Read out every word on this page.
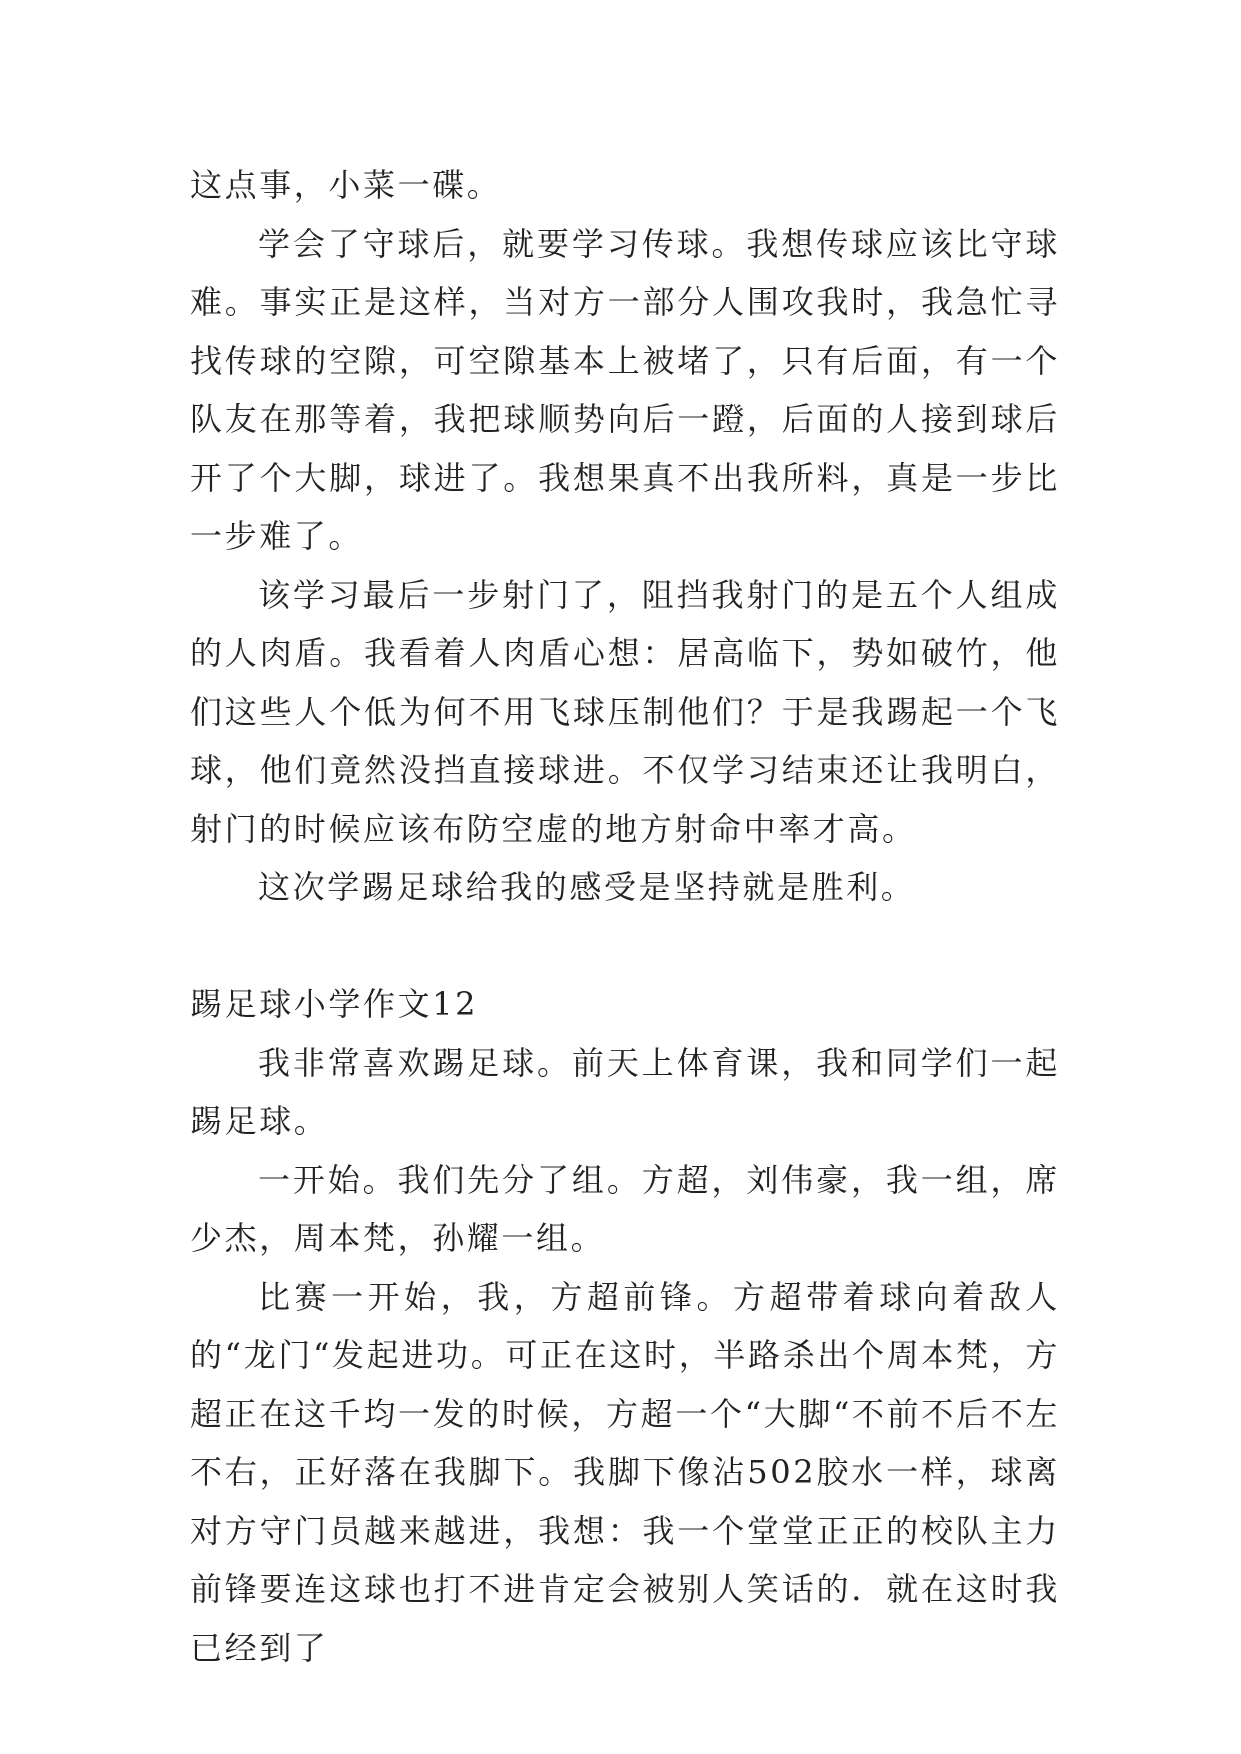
这点事，小菜一碟。

学会了守球后，就要学习传球。我想传球应该比守球难。事实正是这样，当对方一部分人围攻我时，我急忙寻找传球的空隙，可空隙基本上被堵了，只有后面，有一个队友在那等着，我把球顺势向后一蹬，后面的人接到球后开了个大脚，球进了。我想果真不出我所料，真是一步比一步难了。

该学习最后一步射门了，阻挡我射门的是五个人组成的人肉盾。我看着人肉盾心想：居高临下，势如破竹，他们这些人个低为何不用飞球压制他们？于是我踢起一个飞球，他们竟然没挡直接球进。不仅学习结束还让我明白，射门的时候应该布防空虚的地方射命中率才高。

这次学踢足球给我的感受是坚持就是胜利。

踢足球小学作文12

我非常喜欢踢足球。前天上体育课，我和同学们一起踢足球。

一开始。我们先分了组。方超，刘伟豪，我一组，席少杰，周本梵，孙耀一组。

比赛一开始，我，方超前锋。方超带着球向着敌人的“龙门“发起进功。可正在这时，半路杀出个周本梵，方超正在这千均一发的时候，方超一个“大脚“不前不后不左不右，正好落在我脚下。我脚下像沾502胶水一样，球离对方守门员越来越进，我想：我一个堂堂正正的校队主力前锋要连这球也打不进肯定会被别人笑话的．就在这时我已经到了
